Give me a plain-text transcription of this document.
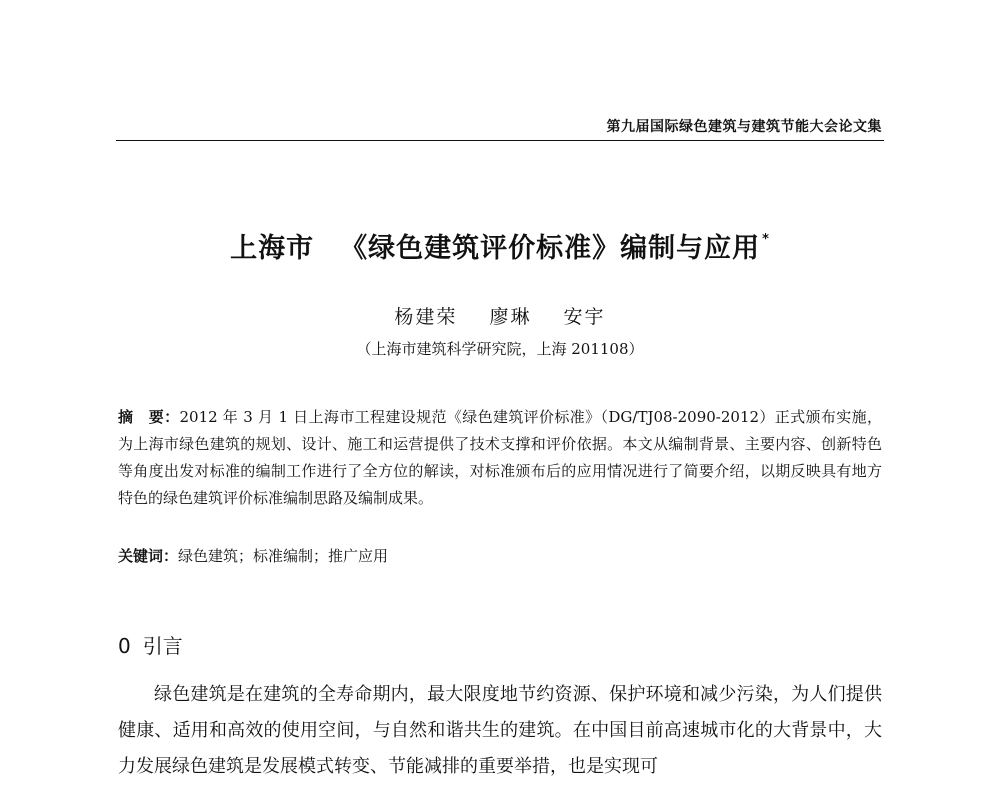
第九届国际绿色建筑与建筑节能大会论文集
上海市 《绿色建筑评价标准》编制与应用 *
杨建荣 廖琳 安宇
（上海市建筑科学研究院，上海 201108）
摘　要：2012 年 3 月 1 日上海市工程建设规范《绿色建筑评价标准》（DG/TJ08-2090-2012）正式颁布实施，为上海市绿色建筑的规划、设计、施工和运营提供了技术支撑和评价依据。本文从编制背景、主要内容、创新特色等角度出发对标准的编制工作进行了全方位的解读，对标准颁布后的应用情况进行了简要介绍，以期反映具有地方特色的绿色建筑评价标准编制思路及编制成果。
关键词：绿色建筑；标准编制；推广应用
0 引言
绿色建筑是在建筑的全寿命期内，最大限度地节约资源、保护环境和减少污染，为人们提供健康、适用和高效的使用空间，与自然和谐共生的建筑。在中国目前高速城市化的大背景中，大力发展绿色建筑是发展模式转变、节能减排的重要举措，也是实现可
